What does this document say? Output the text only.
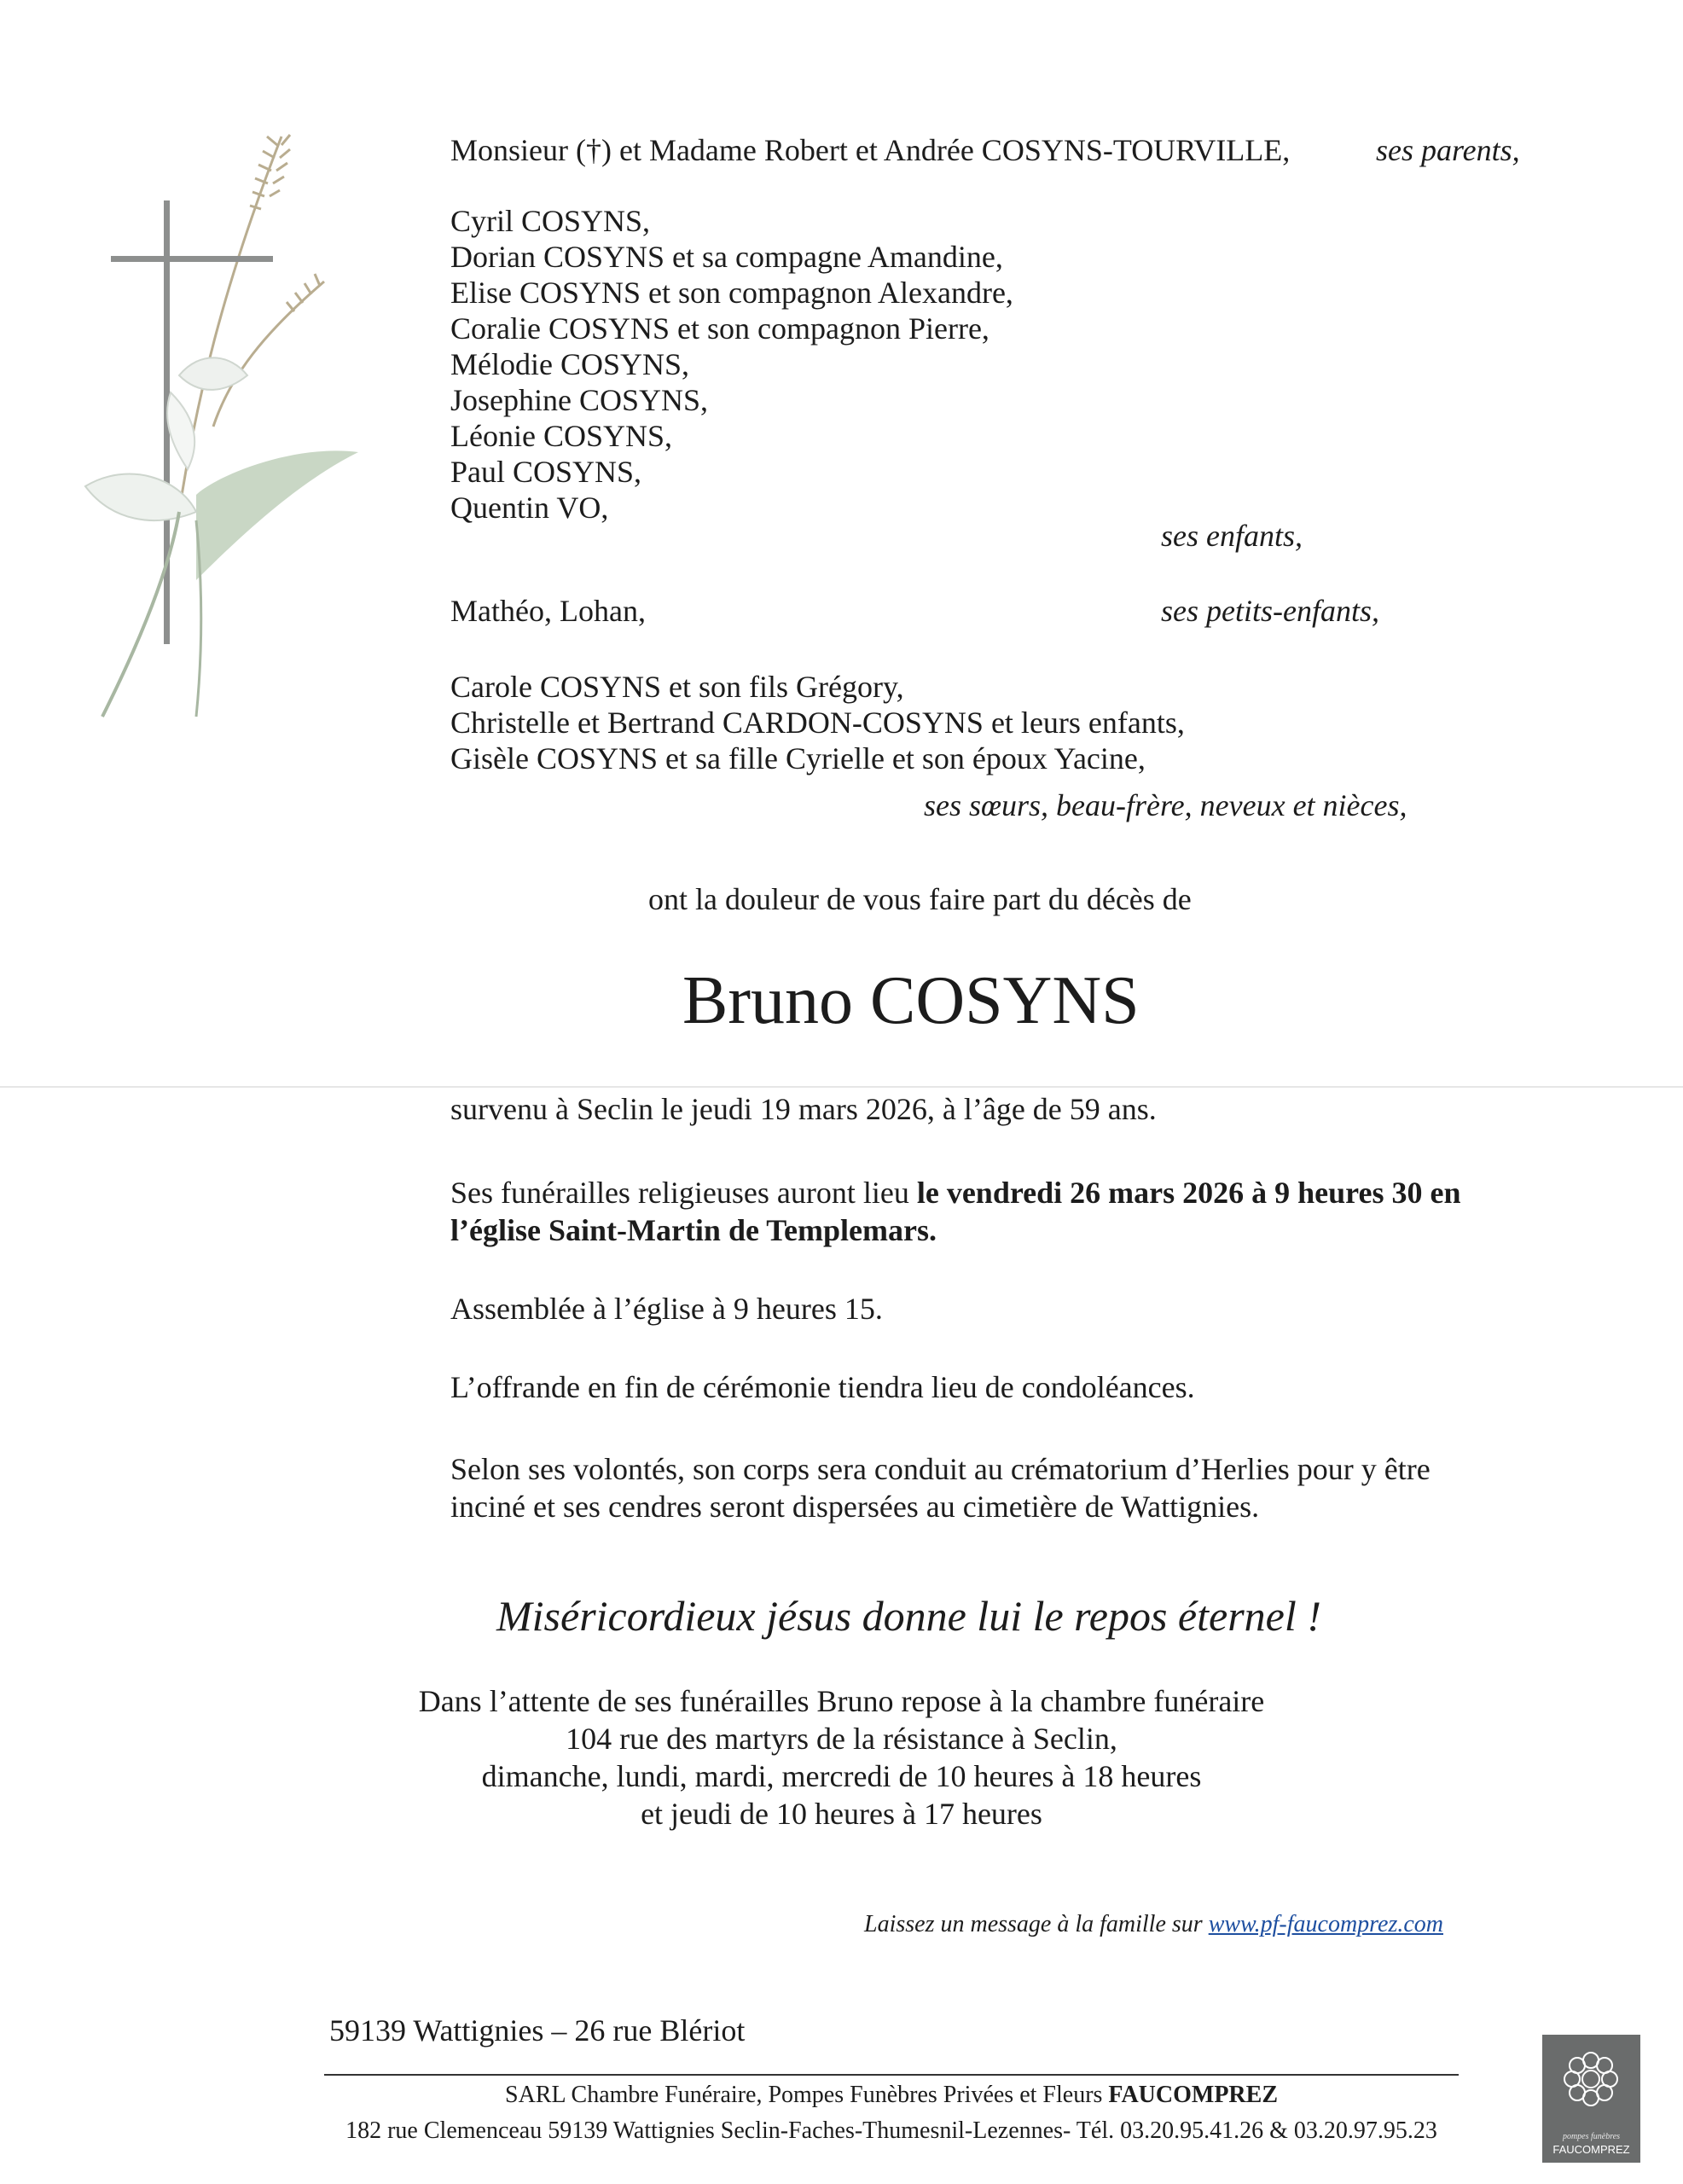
Monsieur (†) et Madame Robert et Andrée COSYNS-TOURVILLE,	ses parents,
Cyril COSYNS,
Dorian COSYNS et sa compagne Amandine,
Elise COSYNS et son compagnon Alexandre,
Coralie COSYNS et son compagnon Pierre,
Mélodie COSYNS,
Josephine COSYNS,
Léonie COSYNS,
Paul COSYNS,
Quentin VO,
ses enfants,
Mathéo, Lohan,	ses petits-enfants,
Carole COSYNS et son fils Grégory,
Christelle et Bertrand CARDON-COSYNS et leurs enfants,
Gisèle COSYNS et sa fille Cyrielle et son époux Yacine,
ses sœurs, beau-frère, neveux et nièces,
ont la douleur de vous faire part du décès de
Bruno COSYNS
survenu à Seclin le jeudi 19 mars 2026, à l’âge de 59 ans.
Ses funérailles religieuses auront lieu le vendredi 26 mars 2026 à 9 heures 30 en
l’église Saint-Martin de Templemars.
Assemblée à l’église à 9 heures 15.
L’offrande en fin de cérémonie tiendra lieu de condoléances.
Selon ses volontés, son corps sera conduit au crématorium d’Herlies pour y être
inciné et ses cendres seront dispersées au cimetière de Wattignies.
Miséricordieux jésus donne lui le repos éternel !
Dans l’attente de ses funérailles Bruno repose à la chambre funéraire
104 rue des martyrs de la résistance à Seclin,
dimanche, lundi, mardi, mercredi de 10 heures à 18 heures
et jeudi de 10 heures à 17 heures
Laissez un message à la famille sur www.pf-faucomprez.com
59139 Wattignies – 26 rue Blériot
SARL Chambre Funéraire, Pompes Funèbres Privées et Fleurs FAUCOMPREZ
182 rue Clemenceau 59139 Wattignies Seclin-Faches-Thumesnil-Lezennes- Tél. 03.20.95.41.26 & 03.20.97.95.23	pompes funèbres
FAUCOMPREZ
